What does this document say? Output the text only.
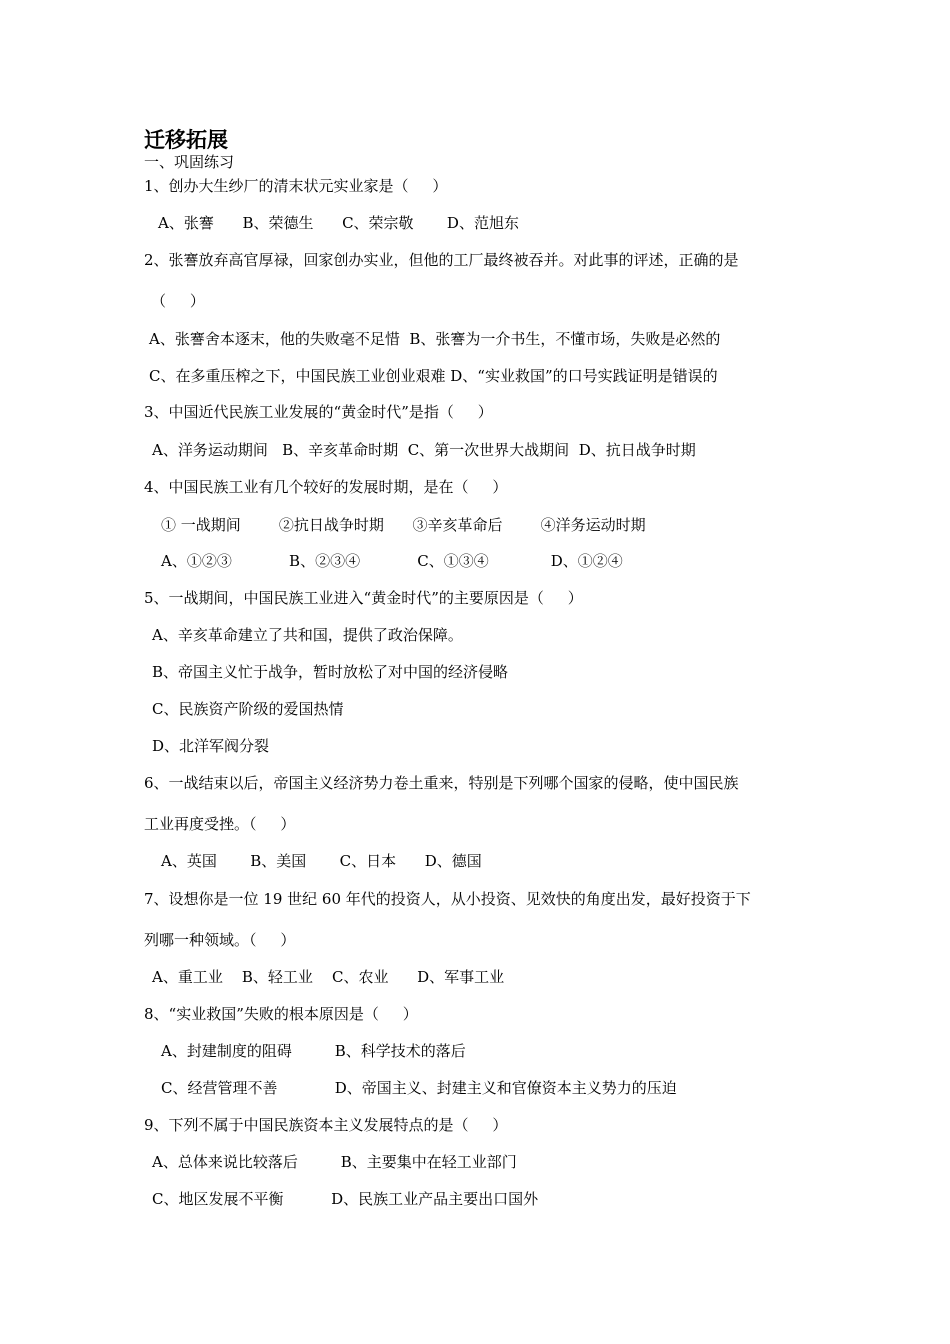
迁移拓展
一、巩固练习
1、创办大生纱厂的清末状元实业家是（     ）
A、张謇      B、荣德生      C、荣宗敬       D、范旭东
2、张謇放弃高官厚禄，回家创办实业，但他的工厂最终被吞并。对此事的评述，正确的是
（     ）
A、张謇舍本逐末，他的失败毫不足惜  B、张謇为一介书生，不懂市场，失败是必然的
C、在多重压榨之下，中国民族工业创业艰难 D、“实业救国”的口号实践证明是错误的
3、中国近代民族工业发展的“黄金时代”是指（     ）
A、洋务运动期间   B、辛亥革命时期  C、第一次世界大战期间  D、抗日战争时期
4、中国民族工业有几个较好的发展时期，是在（     ）
① 一战期间        ②抗日战争时期      ③辛亥革命后        ④洋务运动时期
A、①②③            B、②③④            C、①③④             D、①②④
5、一战期间，中国民族工业进入“黄金时代”的主要原因是（     ）
A、辛亥革命建立了共和国，提供了政治保障。
B、帝国主义忙于战争，暂时放松了对中国的经济侵略
C、民族资产阶级的爱国热情
D、北洋军阀分裂
6、一战结束以后，帝国主义经济势力卷土重来，特别是下列哪个国家的侵略，使中国民族
工业再度受挫。（     ）
A、英国       B、美国       C、日本      D、德国
7、设想你是一位 19 世纪 60 年代的投资人，从小投资、见效快的角度出发，最好投资于下
列哪一种领域。（     ）
A、重工业    B、轻工业    C、农业      D、军事工业
8、“实业救国”失败的根本原因是（     ）
A、封建制度的阻碍         B、科学技术的落后
C、经营管理不善            D、帝国主义、封建主义和官僚资本主义势力的压迫
9、下列不属于中国民族资本主义发展特点的是（     ）
A、总体来说比较落后         B、主要集中在轻工业部门
C、地区发展不平衡          D、民族工业产品主要出口国外
